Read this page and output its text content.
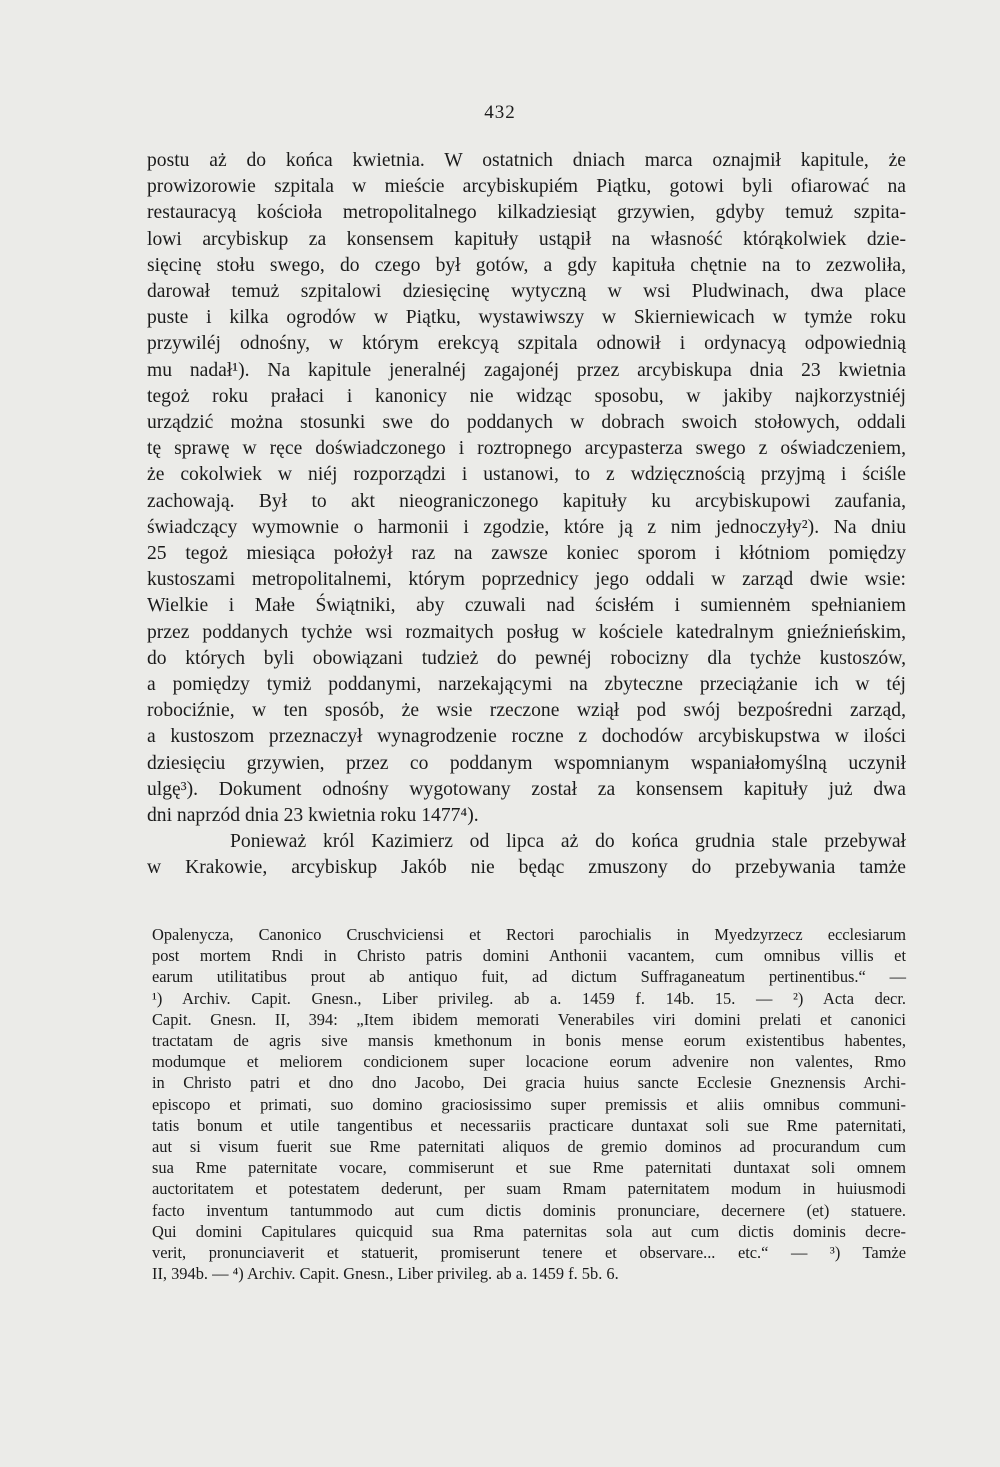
432
postu aż do końca kwietnia. W ostatnich dniach marca oznajmił kapitule, że
prowizorowie szpitala w mieście arcybiskupiém Piątku, gotowi byli ofiarować na
restauracyą kościoła metropolitalnego kilkadziesiąt grzywien, gdyby temuż szpita-
lowi arcybiskup za konsensem kapituły ustąpił na własność którąkolwiek dzie-
sięcinę stołu swego, do czego był gotów, a gdy kapituła chętnie na to zezwoliła,
darował temuż szpitalowi dziesięcinę wytyczną w wsi Pludwinach, dwa place
puste i kilka ogrodów w Piątku, wystawiwszy w Skierniewicach w tymże roku
przywiléj odnośny, w którym erekcyą szpitala odnowił i ordynacyą odpowiednią
mu nadał¹). Na kapitule jeneralnéj zagajonéj przez arcybiskupa dnia 23 kwietnia
tegoż roku prałaci i kanonicy nie widząc sposobu, w jakiby najkorzystniéj
urządzić można stosunki swe do poddanych w dobrach swoich stołowych, oddali
tę sprawę w ręce doświadczonego i roztropnego arcypasterza swego z oświadczeniem,
że cokolwiek w niéj rozporządzi i ustanowi, to z wdzięcznością przyjmą i ściśle
zachowają. Był to akt nieograniczonego kapituły ku arcybiskupowi zaufania,
świadczący wymownie o harmonii i zgodzie, które ją z nim jednoczyły²). Na dniu
25 tegoż miesiąca położył raz na zawsze koniec sporom i kłótniom pomiędzy
kustoszami metropolitalnemi, którym poprzednicy jego oddali w zarząd dwie wsie:
Wielkie i Małe Świątniki, aby czuwali nad ścisłém i sumiennėm spełnianiem
przez poddanych tychże wsi rozmaitych posług w kościele katedralnym gnieźnieńskim,
do których byli obowiązani tudzież do pewnéj robocizny dla tychże kustoszów,
a pomiędzy tymiż poddanymi, narzekającymi na zbyteczne przeciążanie ich w téj
robociźnie, w ten sposób, że wsie rzeczone wziął pod swój bezpośredni zarząd,
a kustoszom przeznaczył wynagrodzenie roczne z dochodów arcybiskupstwa w ilości
dziesięciu grzywien, przez co poddanym wspomnianym wspaniałomyślną uczynił
ulgę³). Dokument odnośny wygotowany został za konsensem kapituły już dwa
dni naprzód dnia 23 kwietnia roku 1477⁴).
Ponieważ król Kazimierz od lipca aż do końca grudnia stale przebywał
w Krakowie, arcybiskup Jakób nie będąc zmuszony do przebywania tamże
Opalenycza, Canonico Cruschviciensi et Rectori parochialis in Myedzyrzecz ecclesiarum
post mortem Rndi in Christo patris domini Anthonii vacantem, cum omnibus villis et
earum utilitatibus prout ab antiquo fuit, ad dictum Suffraganeatum pertinentibus.“ —
¹) Archiv. Capit. Gnesn., Liber privileg. ab a. 1459 f. 14b. 15. — ²) Acta decr.
Capit. Gnesn. II, 394: „Item ibidem memorati Venerabiles viri domini prelati et canonici
tractatam de agris sive mansis kmethonum in bonis mense eorum existentibus habentes,
modumque et meliorem condicionem super locacione eorum advenire non valentes, Rmo
in Christo patri et dno dno Jacobo, Dei gracia huius sancte Ecclesie Gneznensis Archi-
episcopo et primati, suo domino graciosissimo super premissis et aliis omnibus communi-
tatis bonum et utile tangentibus et necessariis practicare duntaxat soli sue Rme paternitati,
aut si visum fuerit sue Rme paternitati aliquos de gremio dominos ad procurandum cum
sua Rme paternitate vocare, commiserunt et sue Rme paternitati duntaxat soli omnem
auctoritatem et potestatem dederunt, per suam Rmam paternitatem modum in huiusmodi
facto inventum tantummodo aut cum dictis dominis pronunciare, decernere (et) statuere.
Qui domini Capitulares quicquid sua Rma paternitas sola aut cum dictis dominis decre-
verit, pronunciaverit et statuerit, promiserunt tenere et observare... etc.“ — ³) Tamże
II, 394b. — ⁴) Archiv. Capit. Gnesn., Liber privileg. ab a. 1459 f. 5b. 6.
